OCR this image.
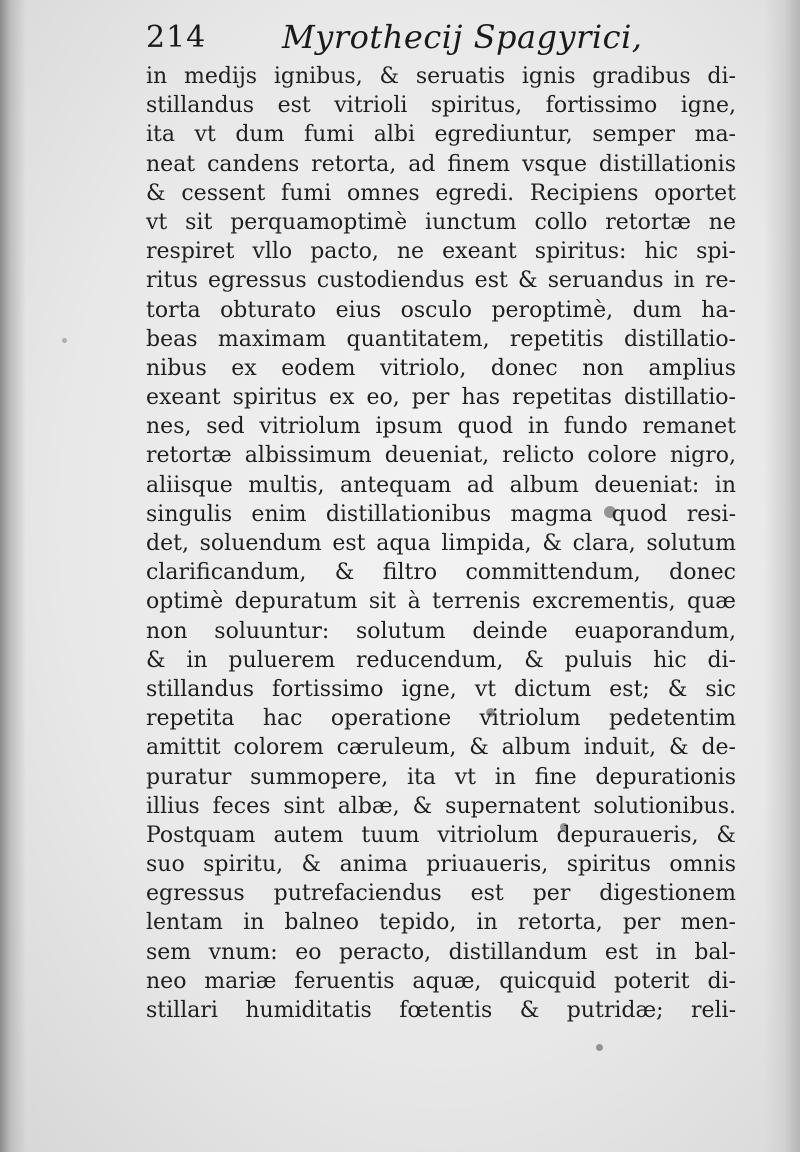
214 Myrothecij Spagyrici,
in medijs ignibus, & seruatis ignis gradibus di-
stillandus est vitrioli spiritus, fortissimo igne,
ita vt dum fumi albi egrediuntur, semper ma-
neat candens retorta, ad finem vsque distillationis
& cessent fumi omnes egredi. Recipiens oportet
vt sit perquamoptimè iunctum collo retortæ ne
respiret vllo pacto, ne exeant spiritus: hic spi-
ritus egressus custodiendus est & seruandus in re-
torta obturato eius osculo peroptimè, dum ha-
beas maximam quantitatem, repetitis distillatio-
nibus ex eodem vitriolo, donec non amplius
exeant spiritus ex eo, per has repetitas distillatio-
nes, sed vitriolum ipsum quod in fundo remanet
retortæ albissimum deueniat, relicto colore nigro,
aliisque multis, antequam ad album deueniat: in
singulis enim distillationibus magma quod resi-
det, soluendum est aqua limpida, & clara, solutum
clarificandum, & filtro committendum, donec
optimè depuratum sit à terrenis excrementis, quæ
non soluuntur: solutum deinde euaporandum,
& in puluerem reducendum, & puluis hic di-
stillandus fortissimo igne, vt dictum est; & sic
repetita hac operatione vitriolum pedetentim
amittit colorem cæruleum, & album induit, & de-
puratur summopere, ita vt in fine depurationis
illius feces sint albæ, & supernatent solutionibus.
Postquam autem tuum vitriolum depuraueris, &
suo spiritu, & anima priuaueris, spiritus omnis
egressus putrefaciendus est per digestionem
lentam in balneo tepido, in retorta, per men-
sem vnum: eo peracto, distillandum est in bal-
neo mariæ feruentis aquæ, quicquid poterit di-
stillari humiditatis fœtentis & putridæ; reli-
